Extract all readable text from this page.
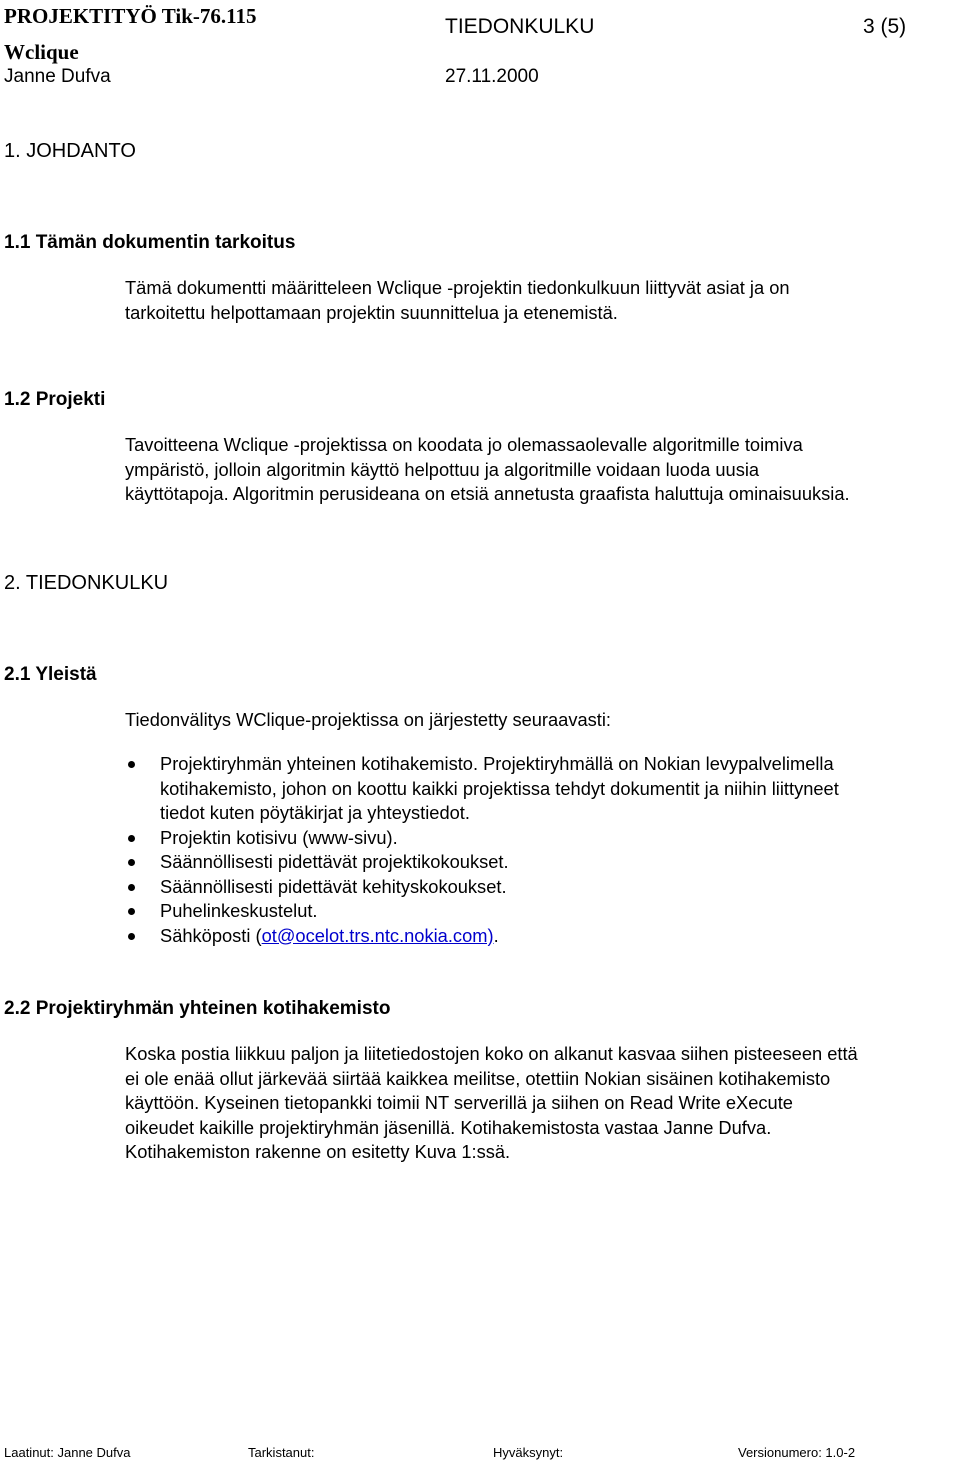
PROJEKTITYÖ Tik-76.115	TIEDONKULKU	3 (5)
Wclique
Janne Dufva	27.11.2000
1. JOHDANTO
1.1 Tämän dokumentin tarkoitus
Tämä dokumentti määritteleen Wclique -projektin tiedonkulkuun liittyvät asiat ja on
tarkoitettu helpottamaan projektin suunnittelua ja etenemistä.
1.2 Projekti
Tavoitteena Wclique -projektissa on koodata jo olemassaolevalle algoritmille toimiva
ympäristö, jolloin algoritmin käyttö helpottuu ja algoritmille voidaan luoda uusia
käyttötapoja. Algoritmin perusideana on etsiä annetusta graafista haluttuja ominaisuuksia.
2. TIEDONKULKU
2.1 Yleistä
Tiedonvälitys WClique-projektissa on järjestetty seuraavasti:
Projektiryhmän yhteinen kotihakemisto. Projektiryhmällä on Nokian levypalvelimella
kotihakemisto, johon on koottu kaikki projektissa tehdyt dokumentit ja niihin liittyneet
tiedot kuten pöytäkirjat ja yhteystiedot.
Projektin kotisivu (www-sivu).
Säännöllisesti pidettävät projektikokoukset.
Säännöllisesti pidettävät kehityskokoukset.
Puhelinkeskustelut.
Sähköposti (ot@ocelot.trs.ntc.nokia.com).
2.2 Projektiryhmän yhteinen kotihakemisto
Koska postia liikkuu paljon ja liitetiedostojen koko on alkanut kasvaa siihen pisteeseen että
ei ole enää ollut järkevää siirtää kaikkea meilitse, otettiin Nokian sisäinen kotihakemisto
käyttöön. Kyseinen tietopankki toimii NT serverillä ja siihen on Read Write eXecute
oikeudet kaikille projektiryhmän jäsenillä. Kotihakemistosta vastaa Janne Dufva.
Kotihakemiston rakenne on esitetty Kuva 1:ssä.
Laatinut: Janne Dufva	Tarkistanut:	Hyväksynyt:	Versionumero: 1.0-2
